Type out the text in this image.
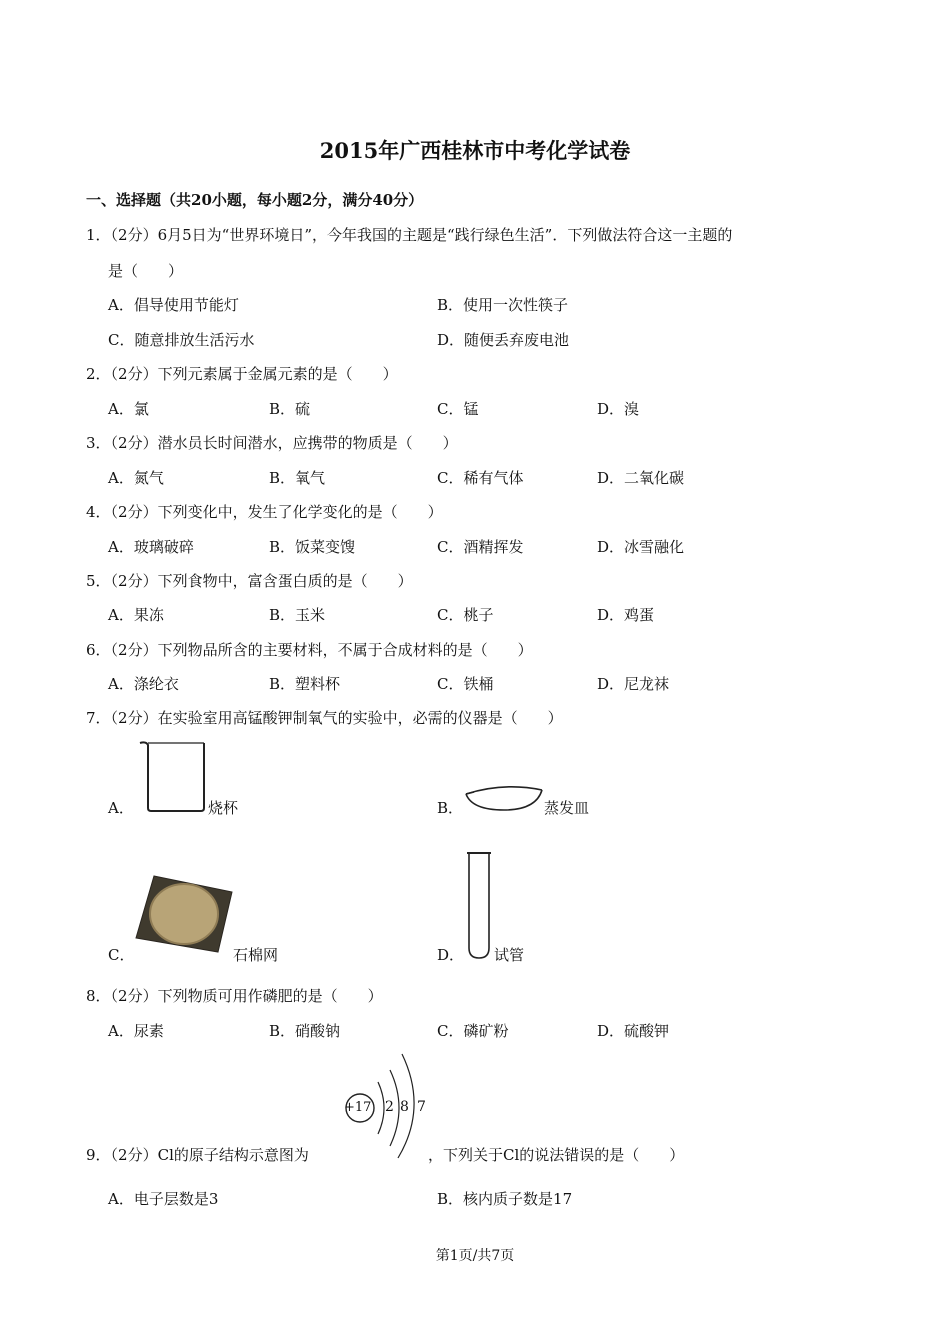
2015年广西桂林市中考化学试卷
一、选择题（共20小题，每小题2分，满分40分）
1．（2分）6月5日为“世界环境日”，今年我国的主题是“践行绿色生活”．下列做法符合这一主题的
是（　　）
A．倡导使用节能灯	B．使用一次性筷子
C．随意排放生活污水	D．随便丢弃废电池
2．（2分）下列元素属于金属元素的是（　　）
A．氯	B．硫	C．锰	D．溴
3．（2分）潜水员长时间潜水，应携带的物质是（　　）
A．氮气	B．氧气	C．稀有气体	D．二氧化碳
4．（2分）下列变化中，发生了化学变化的是（　　）
A．玻璃破碎	B．饭菜变馊	C．酒精挥发	D．冰雪融化
5．（2分）下列食物中，富含蛋白质的是（　　）
A．果冻	B．玉米	C．桃子	D．鸡蛋
6．（2分）下列物品所含的主要材料，不属于合成材料的是（　　）
A．涤纶衣	B．塑料杯	C．铁桶	D．尼龙袜
7．（2分）在实验室用高锰酸钾制氧气的实验中，必需的仪器是（　　）
A．	烧杯	B．	蒸发皿
C．	石棉网	D． 试管
8．（2分）下列物质可用作磷肥的是（　　）
A．尿素	B．硝酸钠	C．磷矿粉	D．硫酸钾
9．（2分）Cl的原子结构示意图为
+17 2 8 7
，下列关于Cl的说法错误的是（　　）
A．电子层数是3	B．核内质子数是17
第1页/共7页
